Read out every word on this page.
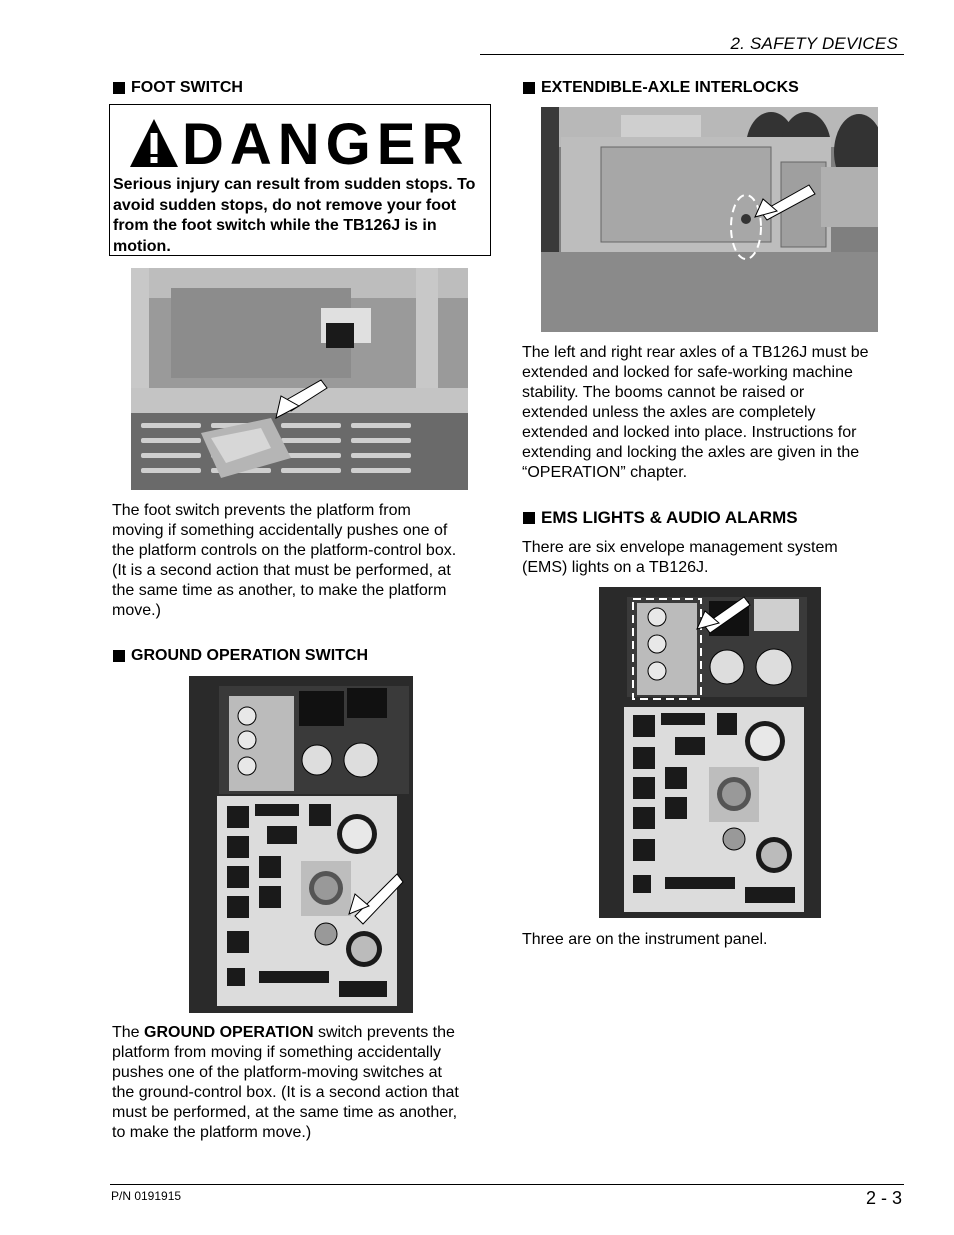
2. SAFETY DEVICES
FOOT SWITCH
DANGER
Serious injury can result from sudden stops. To avoid sudden stops, do not remove your foot from the foot switch while the TB126J is in motion.
The foot switch prevents the platform from
moving if something accidentally pushes one of
the platform controls on the platform-control box.
(It is a second action that must be performed, at
the same time as another, to make the platform
move.)
GROUND OPERATION SWITCH
The GROUND OPERATION switch prevents the
platform from moving if something accidentally
pushes one of the platform-moving switches at
the ground-control box. (It is a second action that
must be performed, at the same time as another,
to make the platform move.)
EXTENDIBLE-AXLE INTERLOCKS
The left and right rear axles of a TB126J must be
extended and locked for safe-working machine
stability. The booms cannot be raised or
extended unless the axles are completely
extended and locked into place. Instructions for
extending and locking the axles are given in the
“OPERATION” chapter.
EMS LIGHTS & AUDIO ALARMS
There are six envelope management system
(EMS) lights on a TB126J.
Three are on the instrument panel.
P/N 0191915	2 - 3
